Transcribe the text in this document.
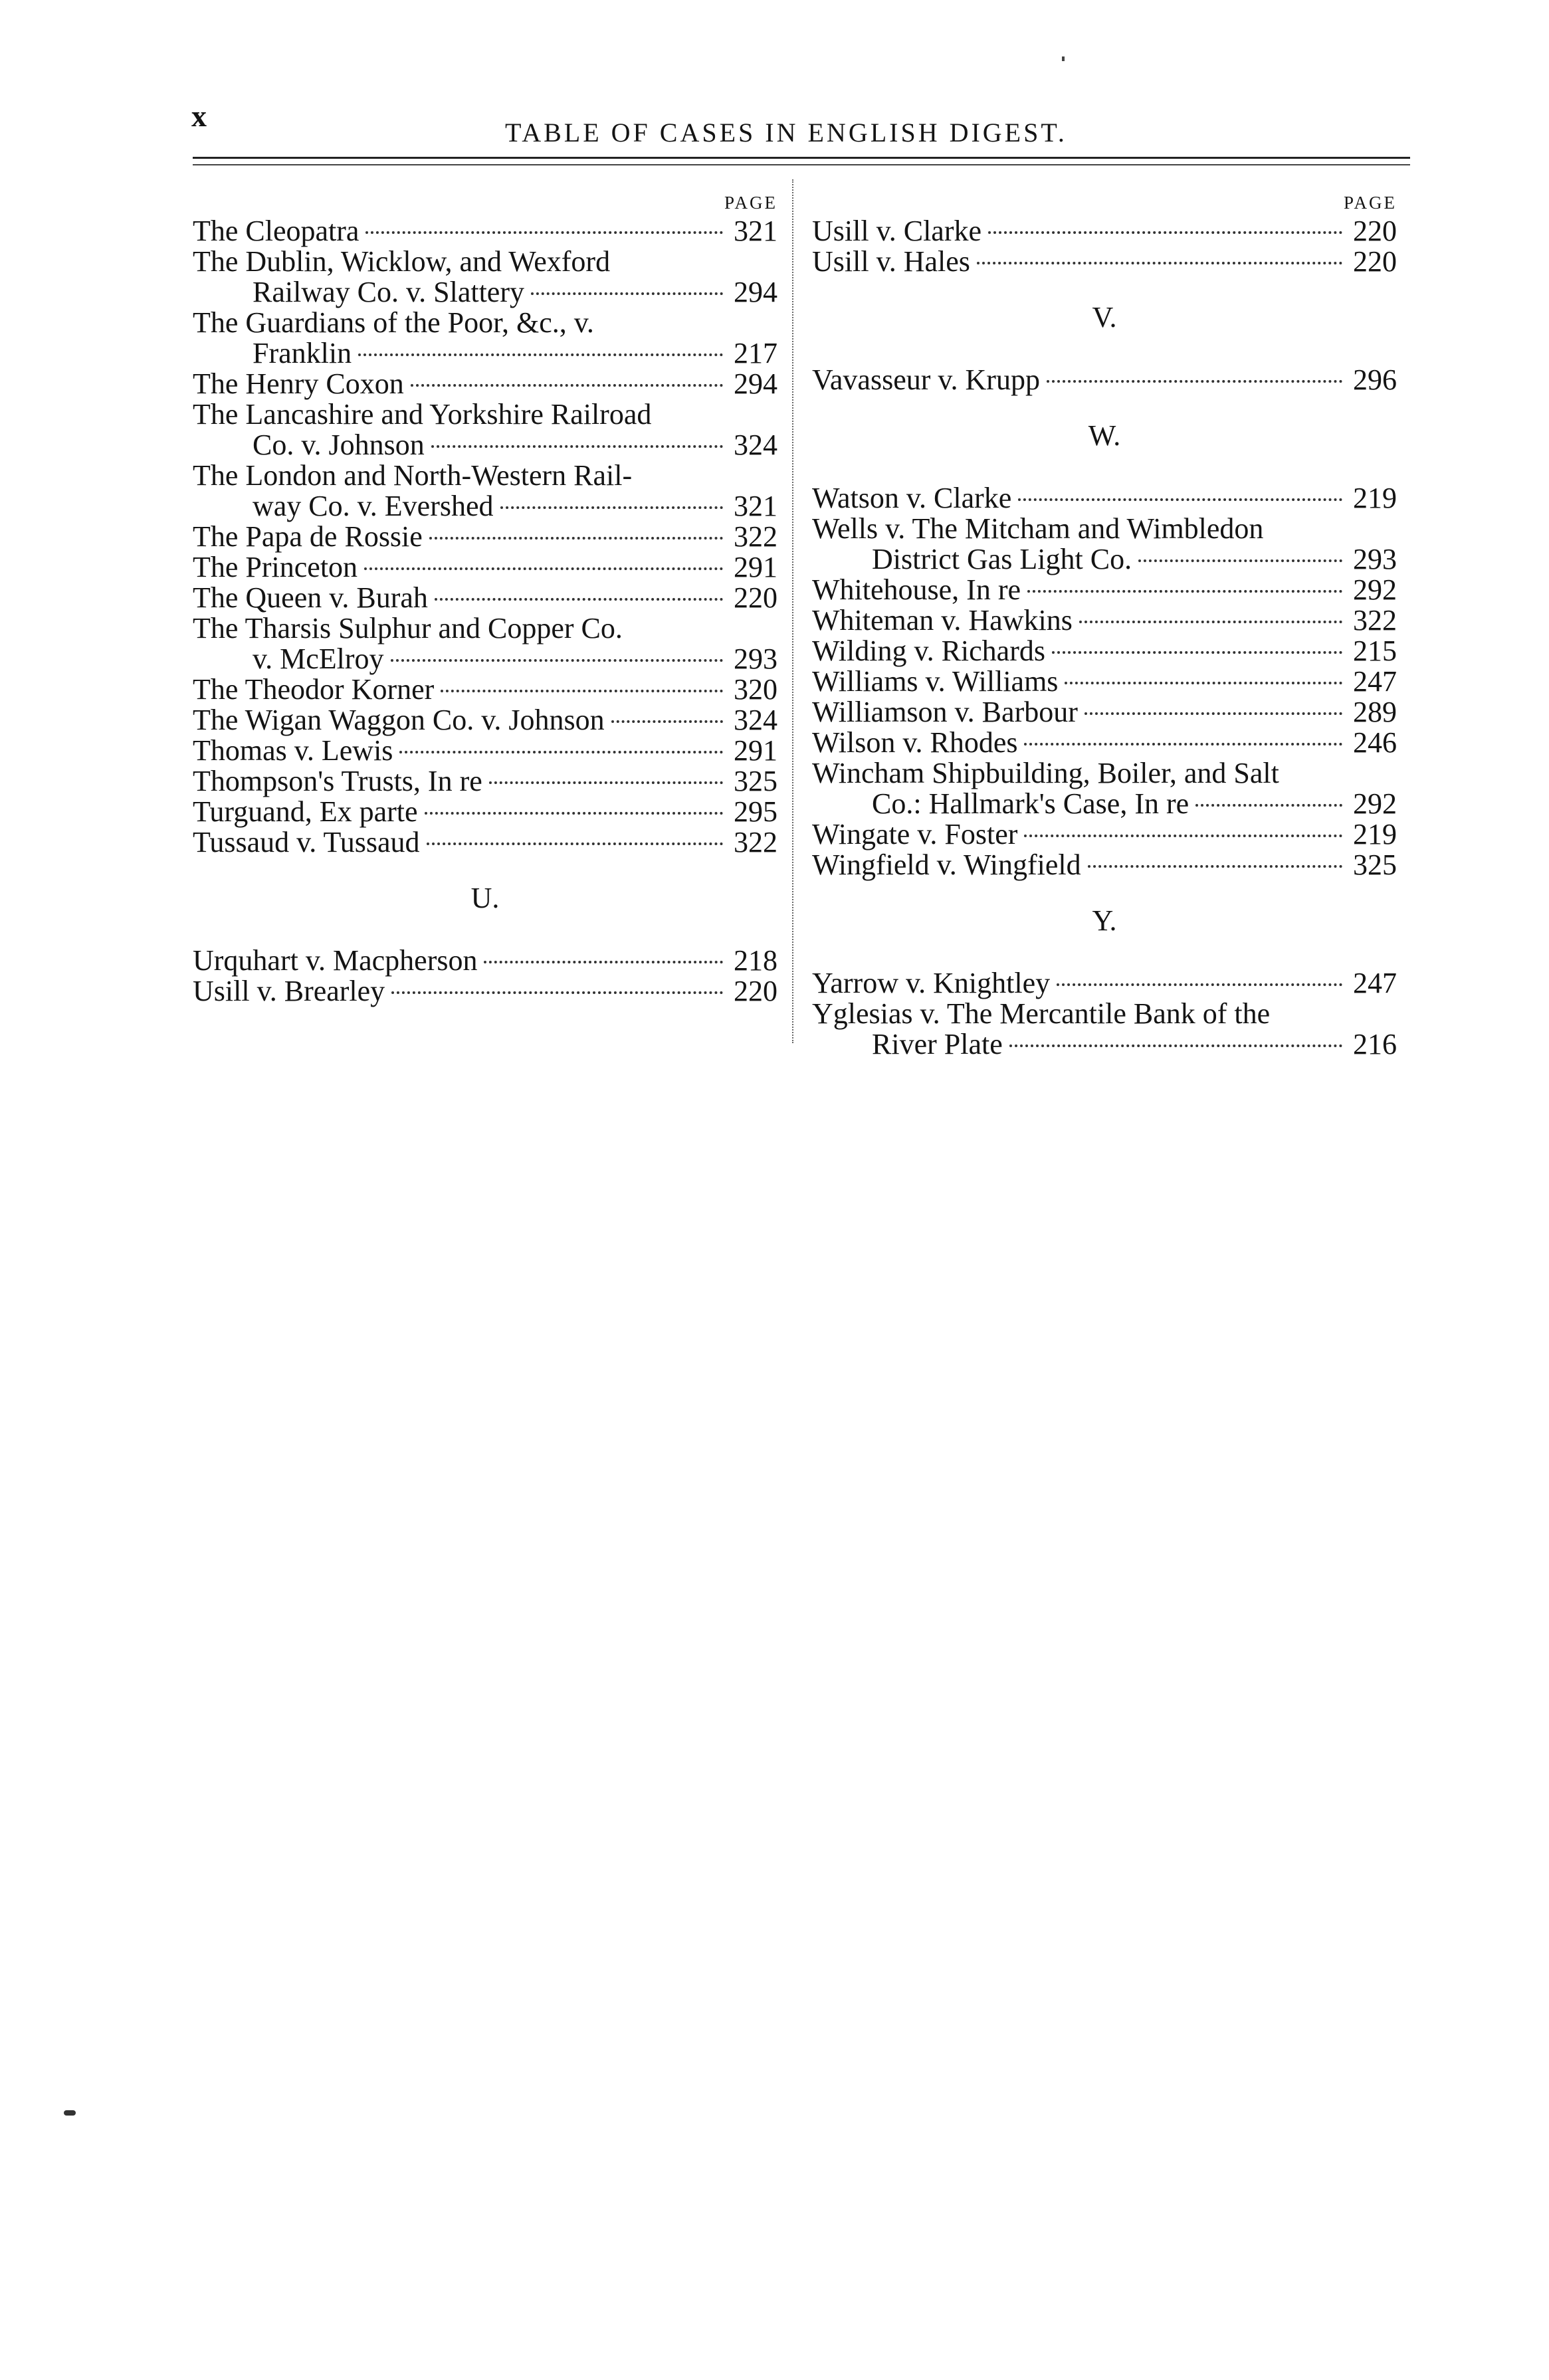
x	TABLE OF CASES IN ENGLISH DIGEST.
PAGE
The Cleopatra	321
The Dublin, Wicklow, and Wexford
Railway Co. v. Slattery	294
The Guardians of the Poor, &c., v.
Franklin	217
The Henry Coxon	294
The Lancashire and Yorkshire Railroad
Co. v. Johnson	324
The London and North-Western Rail-
way Co. v. Evershed	321
The Papa de Rossie	322
The Princeton	291
The Queen v. Burah	220
The Tharsis Sulphur and Copper Co.
v. McElroy	293
The Theodor Korner	320
The Wigan Waggon Co. v. Johnson	324
Thomas v. Lewis	291
Thompson's Trusts, In re	325
Turguand, Ex parte	295
Tussaud v. Tussaud	322
U.
Urquhart v. Macpherson	218
Usill v. Brearley	220
PAGE
Usill v. Clarke	220
Usill v. Hales	220
V.
Vavasseur v. Krupp	296
W.
Watson v. Clarke	219
Wells v. The Mitcham and Wimbledon
District Gas Light Co.	293
Whitehouse, In re	292
Whiteman v. Hawkins	322
Wilding v. Richards	215
Williams v. Williams	247
Williamson v. Barbour	289
Wilson v. Rhodes	246
Wincham Shipbuilding, Boiler, and Salt
Co.: Hallmark's Case, In re	292
Wingate v. Foster	219
Wingfield v. Wingfield	325
Y.
Yarrow v. Knightley	247
Yglesias v. The Mercantile Bank of the
River Plate	216
